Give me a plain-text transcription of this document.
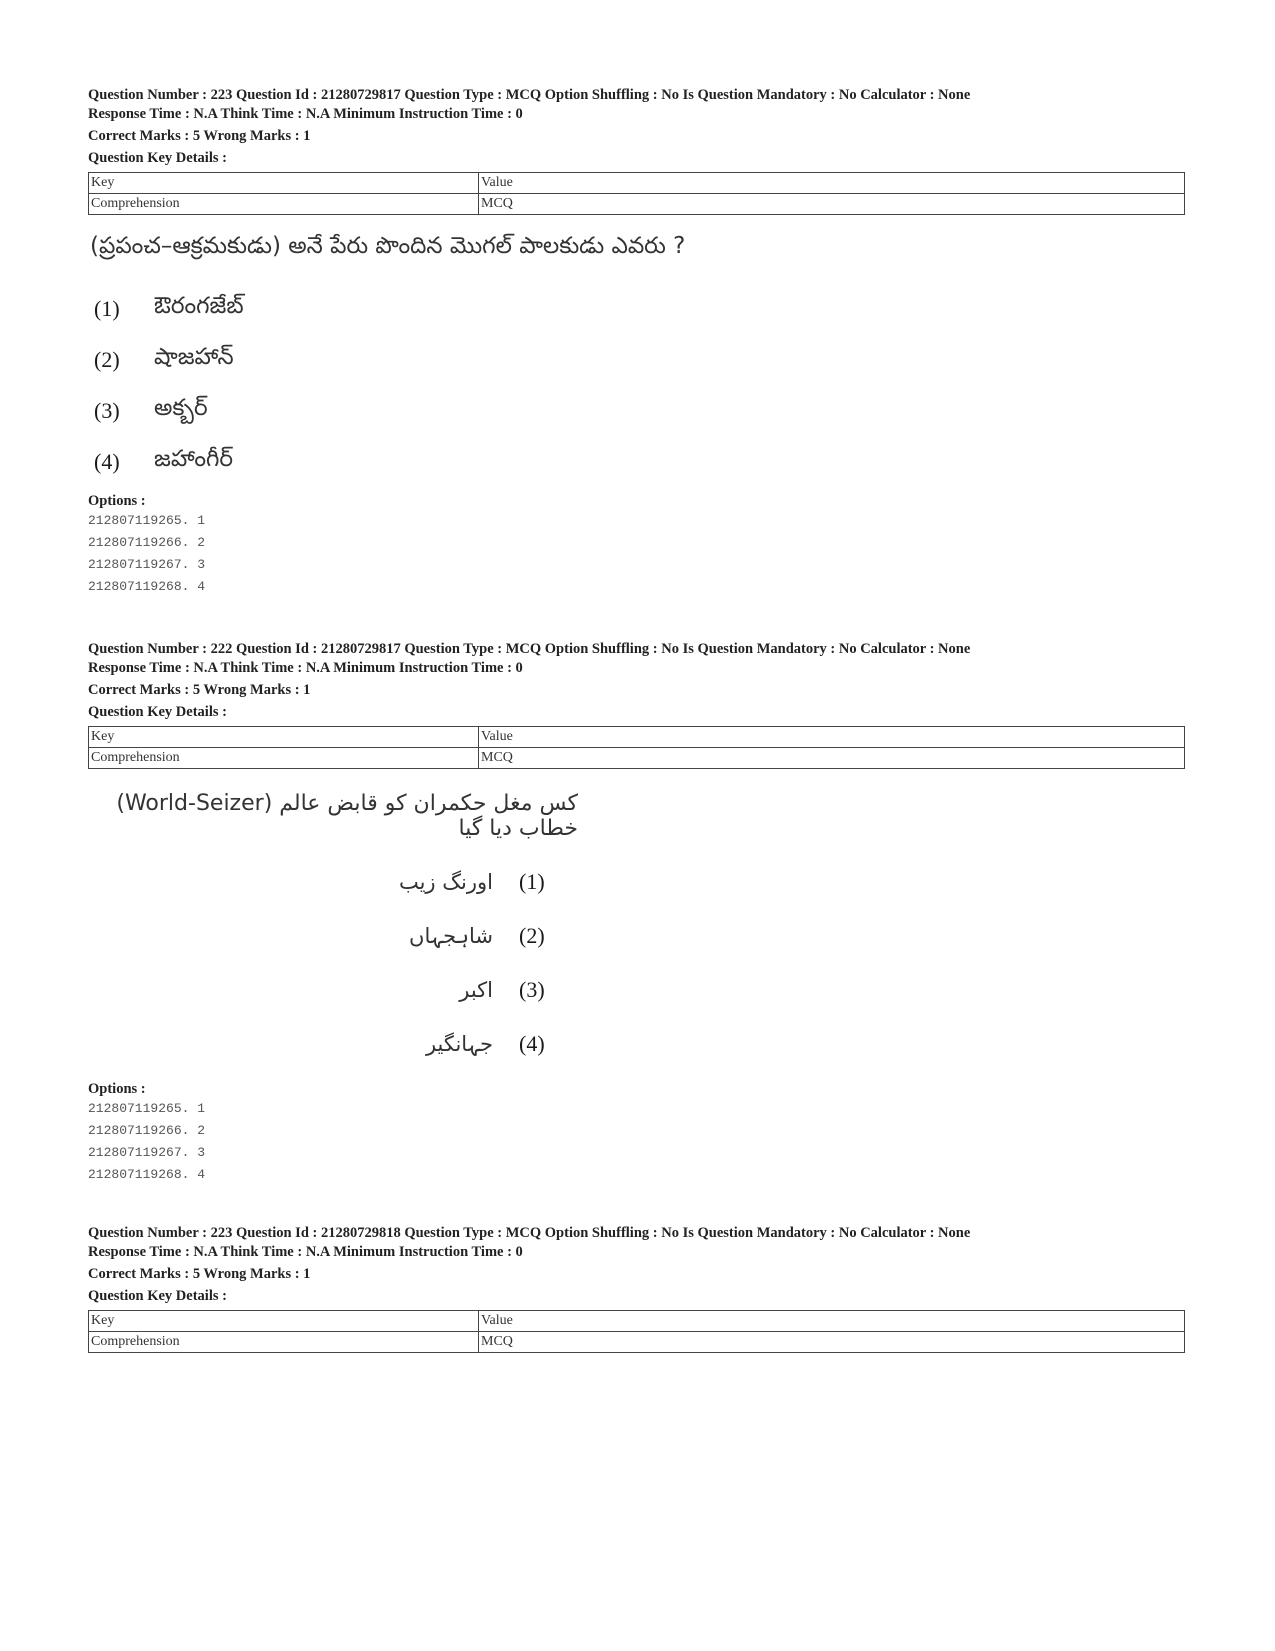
Question Number : 223 Question Id : 21280729817 Question Type : MCQ Option Shuffling : No Is Question Mandatory : No Calculator : None
Response Time : N.A Think Time : N.A Minimum Instruction Time : 0
Correct Marks : 5 Wrong Marks : 1
Question Key Details :
Key	Value
Comprehension	MCQ
(ప్రపంచ–ఆక్రమకుడు) అనే పేరు పొందిన మొగల్ పాలకుడు ఎవరు ?
(1)	ఔరంగజేబ్
(2)	షాజహాన్
(3)	అక్బర్
(4)	జహాంగీర్
Options :
212807119265. 1
212807119266. 2
212807119267. 3
212807119268. 4
Question Number : 222 Question Id : 21280729817 Question Type : MCQ Option Shuffling : No Is Question Mandatory : No Calculator : None
Response Time : N.A Think Time : N.A Minimum Instruction Time : 0
Correct Marks : 5 Wrong Marks : 1
Question Key Details :
Key	Value
Comprehension	MCQ
کس مغل حکمران کو قابض عالم (World-Seizer) خطاب دیا گیا
اورنگ زیب (1)
شاہجہاں (2)
اکبر (3)
جہانگیر (4)
Options :
212807119265. 1
212807119266. 2
212807119267. 3
212807119268. 4
Question Number : 223 Question Id : 21280729818 Question Type : MCQ Option Shuffling : No Is Question Mandatory : No Calculator : None
Response Time : N.A Think Time : N.A Minimum Instruction Time : 0
Correct Marks : 5 Wrong Marks : 1
Question Key Details :
Key	Value
Comprehension	MCQ
